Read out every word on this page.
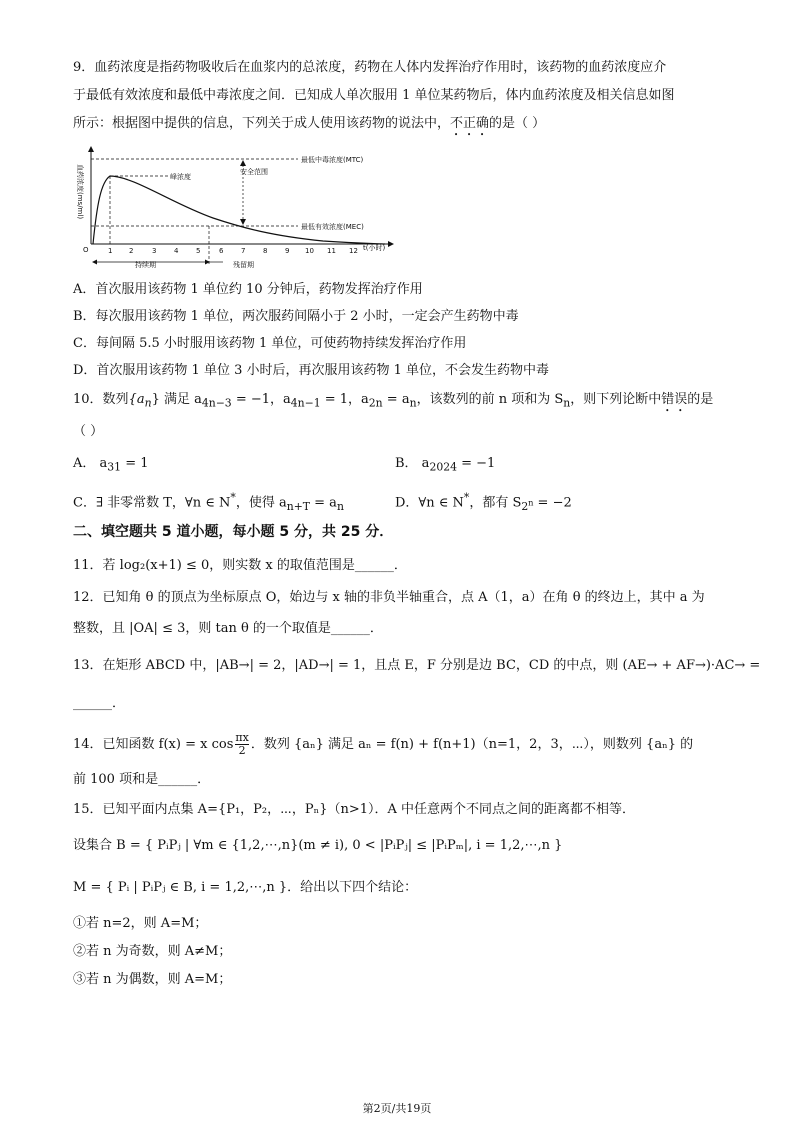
9．血药浓度是指药物吸收后在血浆内的总浓度，药物在人体内发挥治疗作用时，该药物的血药浓度应介
于最低有效浓度和最低中毒浓度之间．已知成人单次服用 1 单位某药物后，体内血药浓度及相关信息如图
所示：根据图中提供的信息，下列关于成人使用该药物的说法中，不正确的是（ ）
O
血药浓度(ms/ml)
最低中毒浓度(MTC)
最低有效浓度(MEC)
峰浓度
安全范围
1 2	3	4	5	6	7	8	9 10 11 12 t(小时)
持续期	残留期
A．首次服用该药物 1 单位约 10 分钟后，药物发挥治疗作用
B．每次服用该药物 1 单位，两次服药间隔小于 2 小时，一定会产生药物中毒
C．每间隔 5.5 小时服用该药物 1 单位，可使药物持续发挥治疗作用
D．首次服用该药物 1 单位 3 小时后，再次服用该药物 1 单位，不会发生药物中毒
10．数列$\{a_n\}$ 满足 $a_{4n-3} = -1$，$a_{4n-1} = 1$，$a_{2n} = a_n$，该数列的前 n 项和为 $S_n$，则下列论断中错误的是
（ ）
A． $a_{31} = 1$	B． $a_{2024} = -1$
C．∃ 非零常数 T，∀n ∈ N*，使得 $a_{n+T} = a_n$	D．∀n ∈ N*，都有 $S_{2^n} = -2$
二、填空题共 5 道小题，每小题 5 分，共 25 分．
11．若 log₂(x+1) ≤ 0，则实数 x 的取值范围是______．
12．已知角 θ 的顶点为坐标原点 O，始边与 x 轴的非负半轴重合，点 A（1，a）在角 θ 的终边上，其中 a 为
整数，且 |OA| ≤ 3，则 tan θ 的一个取值是______．
13．在矩形 ABCD 中，|AB→| = 2，|AD→| = 1，且点 E，F 分别是边 BC，CD 的中点，则 (AE→ + AF→)·AC→ =
______．
14．已知函数 f(x) = x $\cos \frac{\pi x}{2}$ ．数列 {aₙ} 满足 aₙ = f(n) + f(n+1)（n=1，2，3，⋯），则数列 {aₙ} 的
前 100 项和是______．
15．已知平面内点集 A={P₁，P₂，⋯，Pₙ}（n>1）．A 中任意两个不同点之间的距离都不相等．
设集合 B = { PᵢPⱼ | ∀m ∈ {1,2,⋯,n}(m ≠ i), 0 < |PᵢPⱼ| ≤ |PᵢPₘ|, i = 1,2,⋯,n }
M = { Pᵢ | PᵢPⱼ ∈ B, i = 1,2,⋯,n }．给出以下四个结论：
①若 n=2，则 A=M；
②若 n 为奇数，则 A≠M；
③若 n 为偶数，则 A=M；
第2页/共19页
